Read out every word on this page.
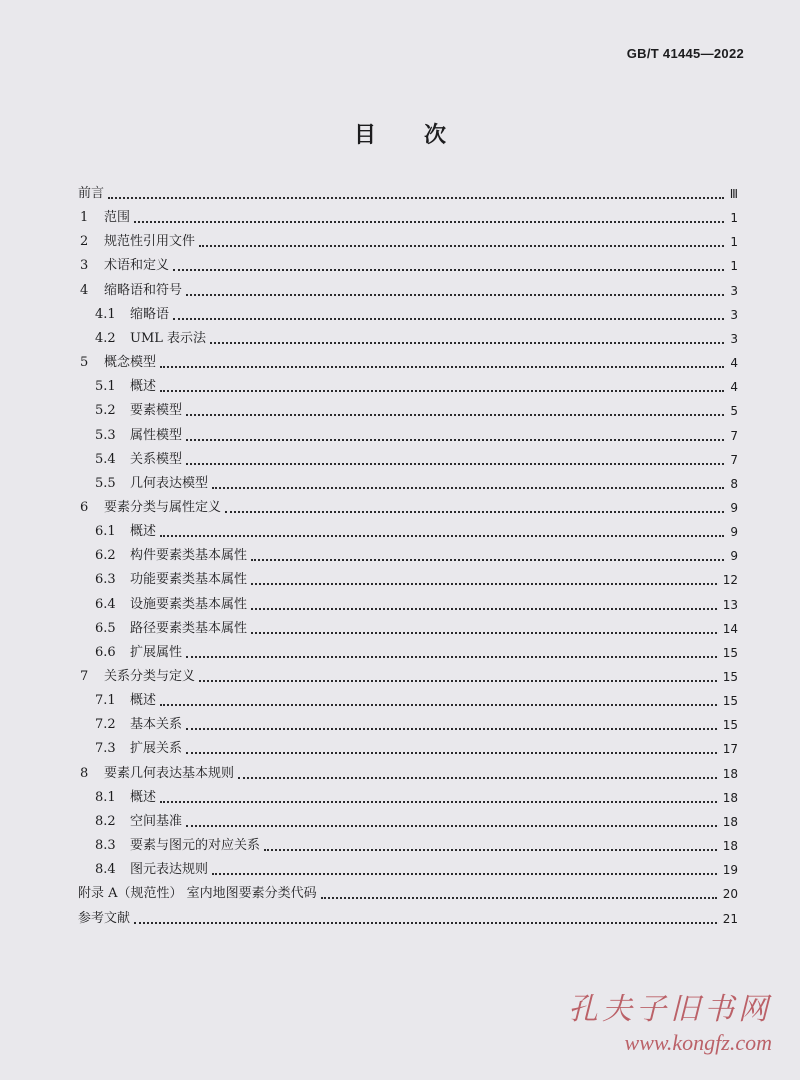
GB/T 41445—2022
目次
前言	Ⅲ
1 范围	1
2 规范性引用文件	1
3 术语和定义	1
4 缩略语和符号	3
4.1 缩略语	3
4.2 UML 表示法	3
5 概念模型	4
5.1 概述	4
5.2 要素模型	5
5.3 属性模型	7
5.4 关系模型	7
5.5 几何表达模型	8
6 要素分类与属性定义	9
6.1 概述	9
6.2 构件要素类基本属性	9
6.3 功能要素类基本属性	12
6.4 设施要素类基本属性	13
6.5 路径要素类基本属性	14
6.6 扩展属性	15
7 关系分类与定义	15
7.1 概述	15
7.2 基本关系	15
7.3 扩展关系	17
8 要素几何表达基本规则	18
8.1 概述	18
8.2 空间基准	18
8.3 要素与图元的对应关系	18
8.4 图元表达规则	19
附录 A（规范性） 室内地图要素分类代码	20
参考文献	21
孔夫子旧书网
www.kongfz.com
